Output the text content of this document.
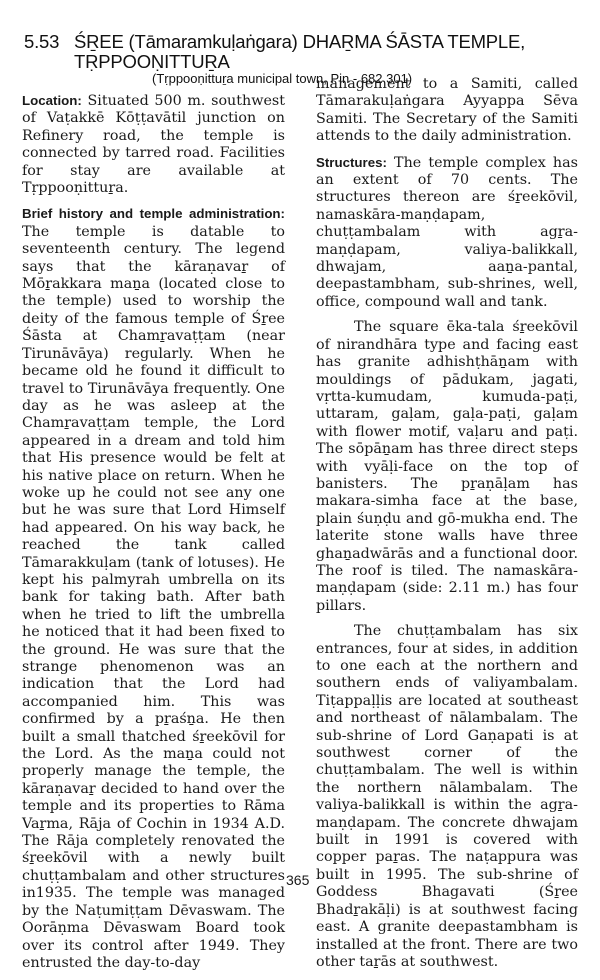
5.53 ŚṞEE (Tāmaramkuḷaṅgara) DHAṞMA ŚĀSTA TEMPLE, TṚPPOOṆITTUṞA
(Tṛppooṇittuṟa municipal town, Pin - 682 301)

Location: Situated 500 m. southwest of Vaṭakkē Kōṭṭavātil junction on Refinery road, the temple is connected by tarred road. Facilities for stay are available at Tṛppooṇittuṟa.

Brief history and temple administration: The temple is datable to seventeenth century. The legend says that the kāraṇavaṟ of Mōṟakkara maṉa (located close to the temple) used to worship the deity of the famous temple of Śṟee Śāsta at Chamṟavaṭṭam (near Tirunāvāya) regularly. When he became old he found it difficult to travel to Tirunāvāya frequently. One day as he was asleep at the Chamṟavaṭṭam temple, the Lord appeared in a dream and told him that His presence would be felt at his native place on return. When he woke up he could not see any one but he was sure that Lord Himself had appeared. On his way back, he reached the tank called Tāmarakkuḷam (tank of lotuses). He kept his palmyrah umbrella on its bank for taking bath. After bath when he tried to lift the umbrella he noticed that it had been fixed to the ground. He was sure that the strange phenomenon was an indication that the Lord had accompanied him. This was confirmed by a pṟaśṉa. He then built a small thatched śṟeekōvil for the Lord. As the maṉa could not properly manage the temple, the kāraṇavaṟ decided to hand over the temple and its properties to Rāma Vaṟma, Rāja of Cochin in 1934 A.D. The Rāja completely renovated the śṟeekōvil with a newly built chuṭṭambalam and other structures in1935. The temple was managed by the Naṭumiṭṭam Dēvaswam. The Oorāṇma Dēvaswam Board took over its control after 1949. They entrusted the day-to-day

management to a Samiti, called Tāmarakuḷaṅgara Ayyappa Sēva Samiti. The Secretary of the Samiti attends to the daily administration.

Structures: The temple complex has an extent of 70 cents. The structures thereon are śṟeekōvil, namaskāra-maṇḍapam, chuṭṭambalam with agṟa-maṇḍapam, valiya-balikkall, dhwajam, aaṉa-pantal, deepastambham, sub-shrines, well, office, compound wall and tank.

The square ēka-tala śṟeekōvil of nirandhāra type and facing east has granite adhishṭhāṉam with mouldings of pādukam, jagati, vṛtta-kumudam, kumuda-paṭi, uttaram, gaḷam, gaḷa-paṭi, gaḷam with flower motif, vaḷaru and paṭi. The sōpāṉam has three direct steps with vyāḷi-face on the top of banisters. The pṟaṇāḷam has makara-simha face at the base, plain śuṇḍu and gō-mukha end. The laterite stone walls have three ghaṉadwārās and a functional door. The roof is tiled. The namaskāra-maṇḍapam (side: 2.11 m.) has four pillars.

The chuṭṭambalam has six entrances, four at sides, in addition to one each at the northern and southern ends of valiyambalam. Tiṭappaḷḷis are located at southeast and northeast of nālambalam. The sub-shrine of Lord Gaṇapati is at southwest corner of the chuṭṭambalam. The well is within the northern nālambalam. The valiya-balikkall is within the agṟa-maṇḍapam. The concrete dhwajam built in 1991 is covered with copper paṟas. The naṭappura was built in 1995. The sub-shrine of Goddess Bhagavati (Śṟee Bhadṟakāḷi) is at southwest facing east. A granite deepastambham is installed at the front. There are two other taṟās at southwest.

365
